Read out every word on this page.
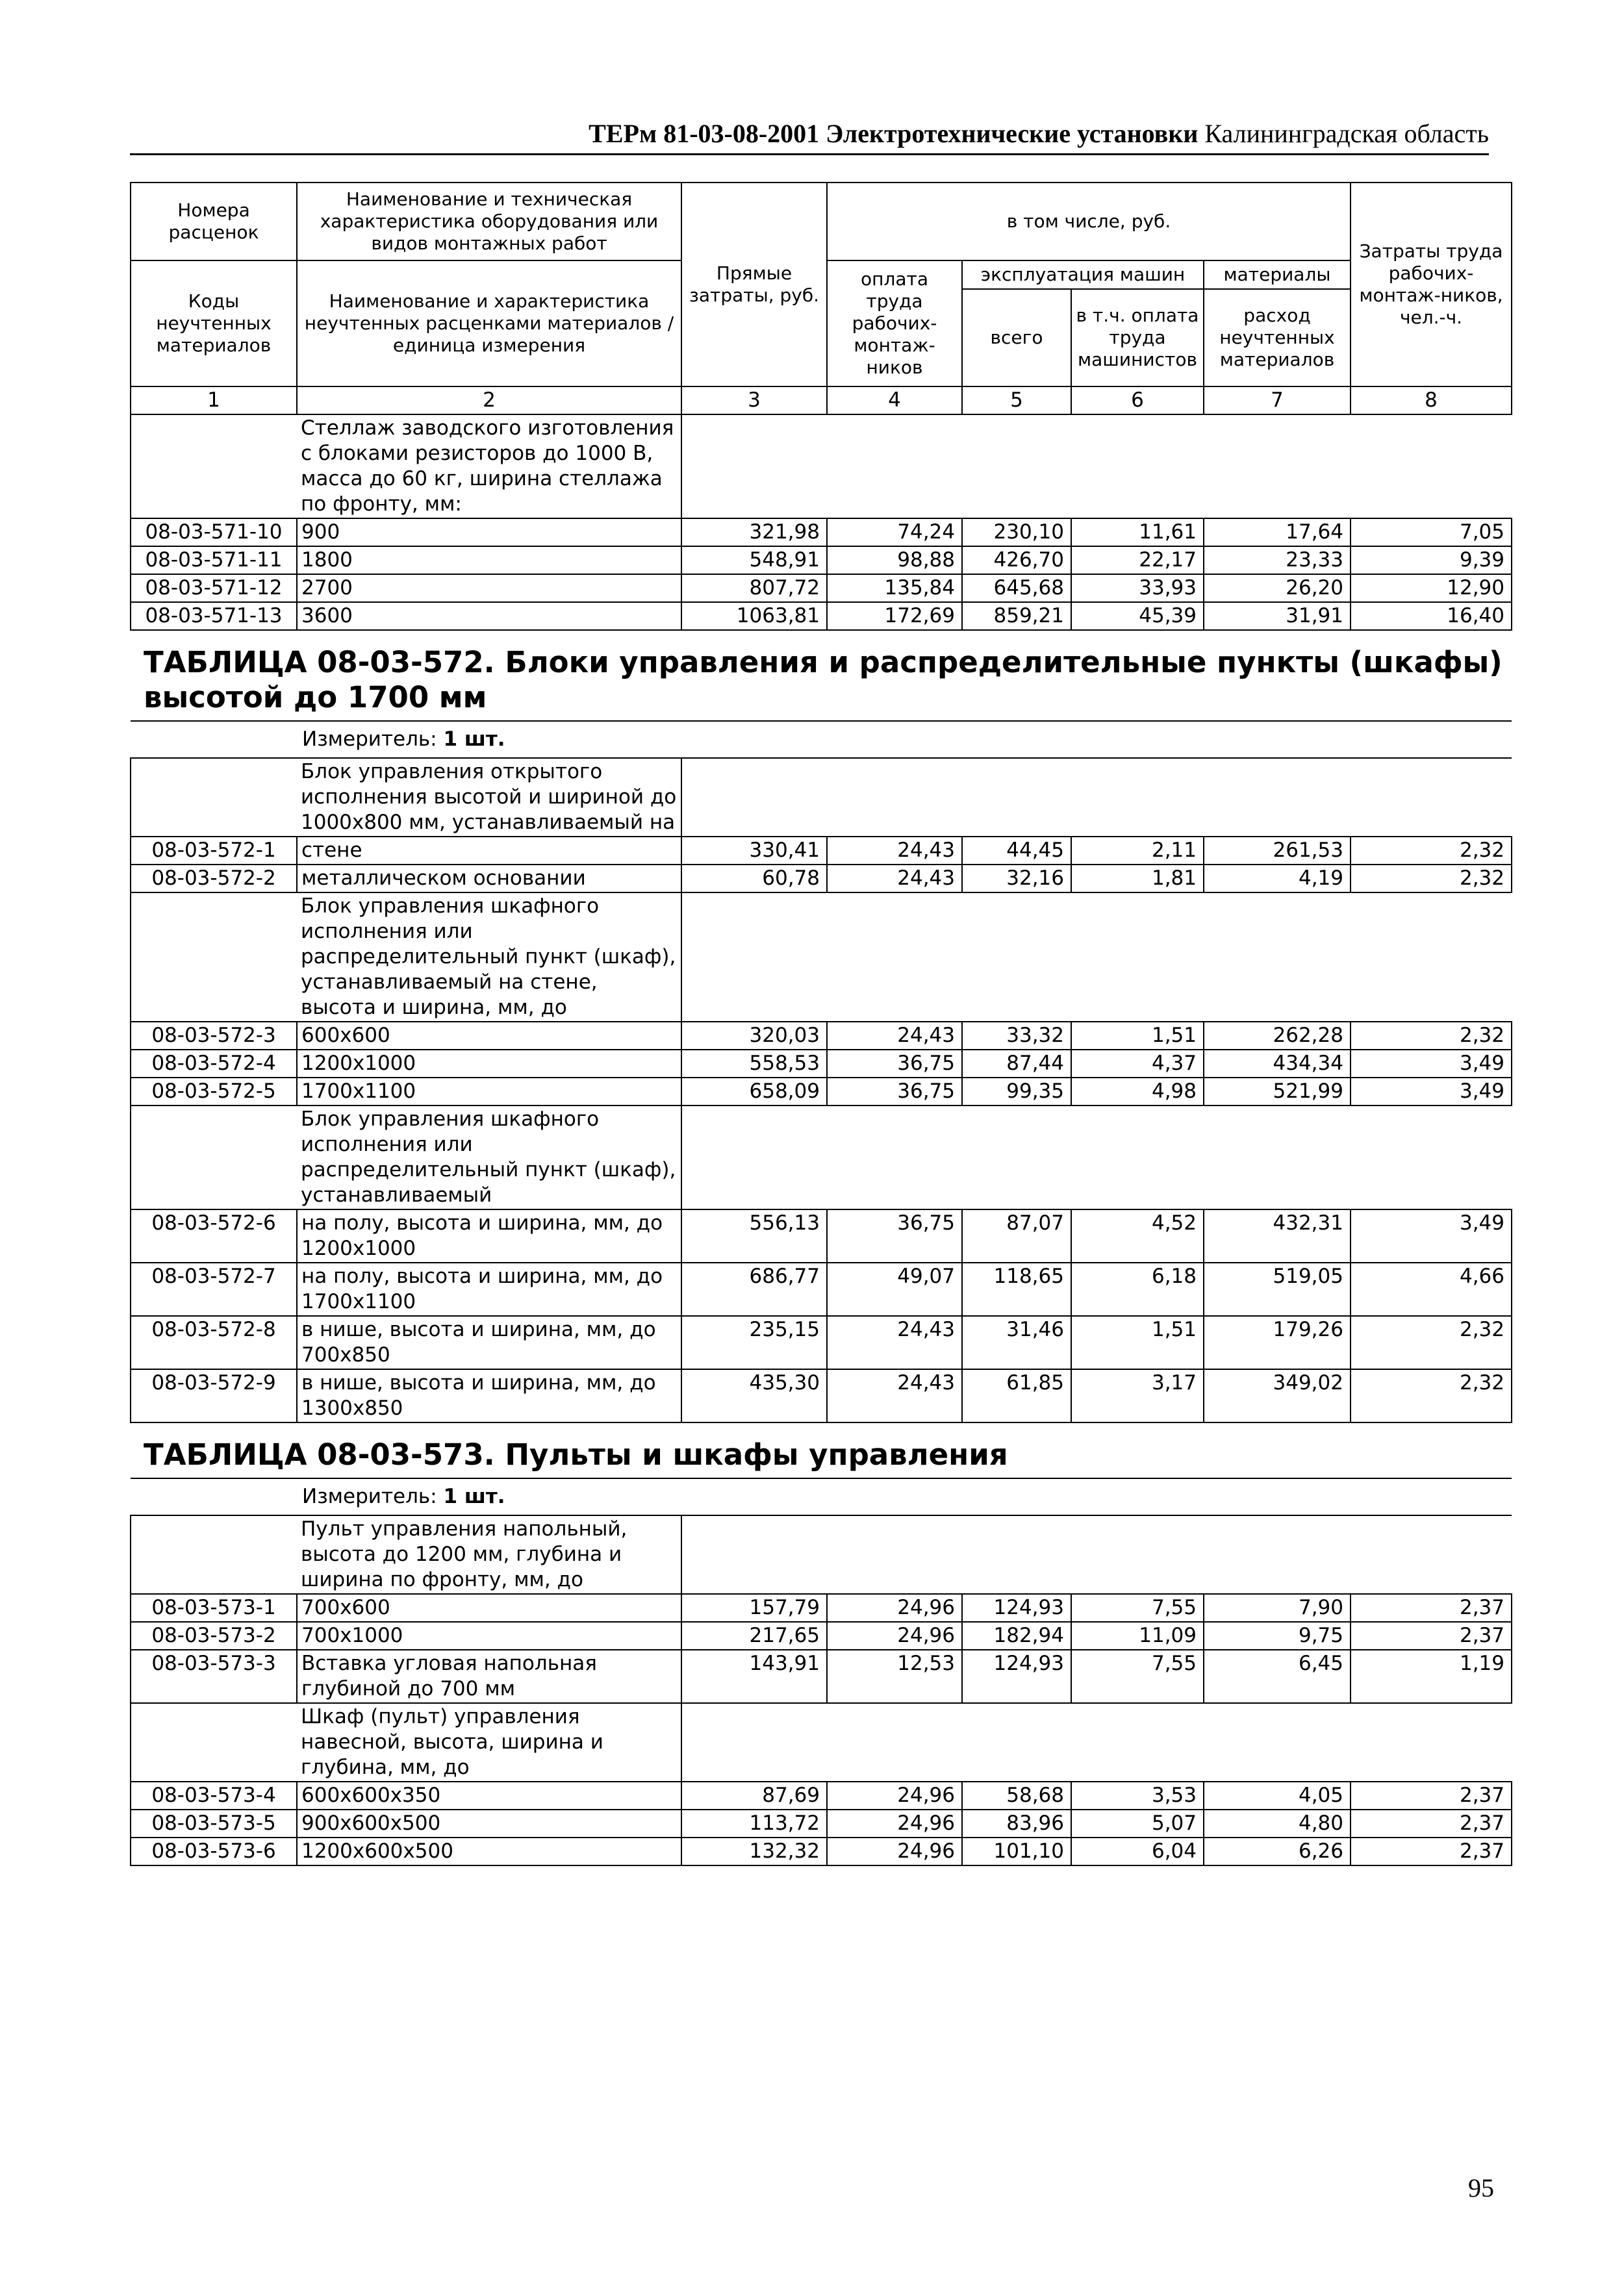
ТЕРм 81-03-08-2001 Электротехнические установки Калининградская область
Номера расценок	Наименование и техническая характеристика оборудования или видов монтажных работ	Прямые затраты, руб.	в том числе, руб.				Затраты труда рабочих-монтаж-ников, чел.-ч.
Коды неучтенных материалов	Наименование и характеристика неучтенных расценками материалов / единица измерения		оплата труда рабочих-монтаж-ников	эксплуатация машин		материалы	
				всего	в т.ч. оплата труда машинистов	расход неучтенных материалов	
1	2	3	4	5	6	7	8
	Стеллаж заводского изготовления с блоками резисторов до 1000 В, масса до 60 кг, ширина стеллажа по фронту, мм:						
08-03-571-10	900	321,98	74,24	230,10	11,61	17,64	7,05
08-03-571-11	1800	548,91	98,88	426,70	22,17	23,33	9,39
08-03-571-12	2700	807,72	135,84	645,68	33,93	26,20	12,90
08-03-571-13	3600	1063,81	172,69	859,21	45,39	31,91	16,40

ТАБЛИЦА 08-03-572. Блоки управления и распределительные пункты (шкафы) высотой до 1700 мм							

Измеритель: 1 шт.							
	Блок управления открытого исполнения высотой и шириной до 1000x800 мм, устанавливаемый на						
08-03-572-1	стене	330,41	24,43	44,45	2,11	261,53	2,32
08-03-572-2	металлическом основании	60,78	24,43	32,16	1,81	4,19	2,32
	Блок управления шкафного исполнения или распределительный пункт (шкаф), устанавливаемый на стене, высота и ширина, мм, до						
08-03-572-3	600x600	320,03	24,43	33,32	1,51	262,28	2,32
08-03-572-4	1200x1000	558,53	36,75	87,44	4,37	434,34	3,49
08-03-572-5	1700x1100	658,09	36,75	99,35	4,98	521,99	3,49
	Блок управления шкафного исполнения или распределительный пункт (шкаф), устанавливаемый						
08-03-572-6	на полу, высота и ширина, мм, до 1200x1000	556,13	36,75	87,07	4,52	432,31	3,49
08-03-572-7	на полу, высота и ширина, мм, до 1700x1100	686,77	49,07	118,65	6,18	519,05	4,66
08-03-572-8	в нише, высота и ширина, мм, до 700x850	235,15	24,43	31,46	1,51	179,26	2,32
08-03-572-9	в нише, высота и ширина, мм, до 1300x850	435,30	24,43	61,85	3,17	349,02	2,32

ТАБЛИЦА 08-03-573. Пульты и шкафы управления							

Измеритель: 1 шт.							
	Пульт управления напольный, высота до 1200 мм, глубина и ширина по фронту, мм, до						
08-03-573-1	700x600	157,79	24,96	124,93	7,55	7,90	2,37
08-03-573-2	700x1000	217,65	24,96	182,94	11,09	9,75	2,37
08-03-573-3	Вставка угловая напольная глубиной до 700 мм	143,91	12,53	124,93	7,55	6,45	1,19
	Шкаф (пульт) управления навесной, высота, ширина и глубина, мм, до						
08-03-573-4	600x600x350	87,69	24,96	58,68	3,53	4,05	2,37
08-03-573-5	900x600x500	113,72	24,96	83,96	5,07	4,80	2,37
08-03-573-6	1200x600x500	132,32	24,96	101,10	6,04	6,26	2,37
95
